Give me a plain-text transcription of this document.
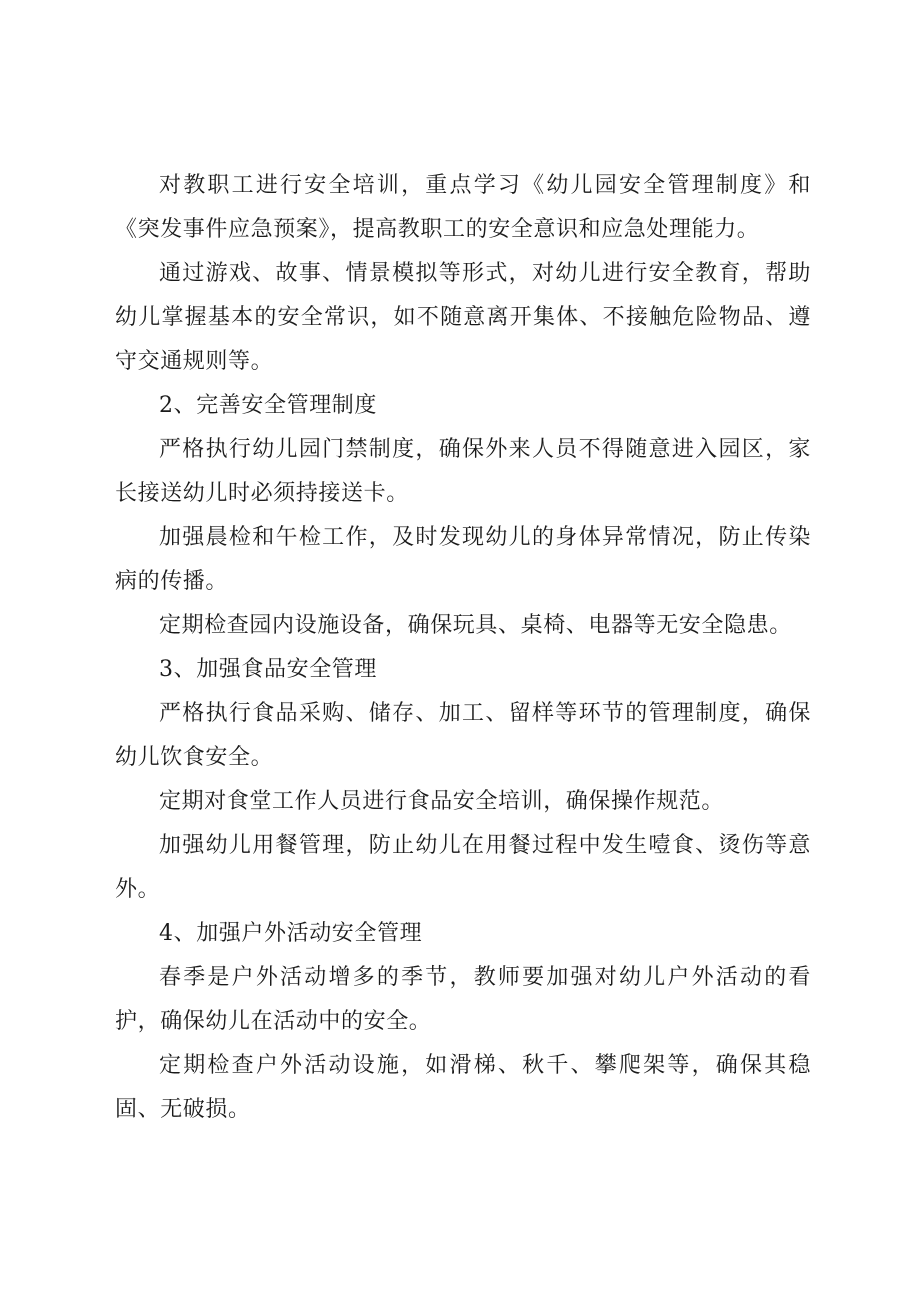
对教职工进行安全培训，重点学习《幼儿园安全管理制度》和《突发事件应急预案》，提高教职工的安全意识和应急处理能力。

通过游戏、故事、情景模拟等形式，对幼儿进行安全教育，帮助幼儿掌握基本的安全常识，如不随意离开集体、不接触危险物品、遵守交通规则等。

2、完善安全管理制度

严格执行幼儿园门禁制度，确保外来人员不得随意进入园区，家长接送幼儿时必须持接送卡。

加强晨检和午检工作，及时发现幼儿的身体异常情况，防止传染病的传播。

定期检查园内设施设备，确保玩具、桌椅、电器等无安全隐患。

3、加强食品安全管理

严格执行食品采购、储存、加工、留样等环节的管理制度，确保幼儿饮食安全。

定期对食堂工作人员进行食品安全培训，确保操作规范。

加强幼儿用餐管理，防止幼儿在用餐过程中发生噎食、烫伤等意外。

4、加强户外活动安全管理

春季是户外活动增多的季节，教师要加强对幼儿户外活动的看护，确保幼儿在活动中的安全。

定期检查户外活动设施，如滑梯、秋千、攀爬架等，确保其稳固、无破损。
